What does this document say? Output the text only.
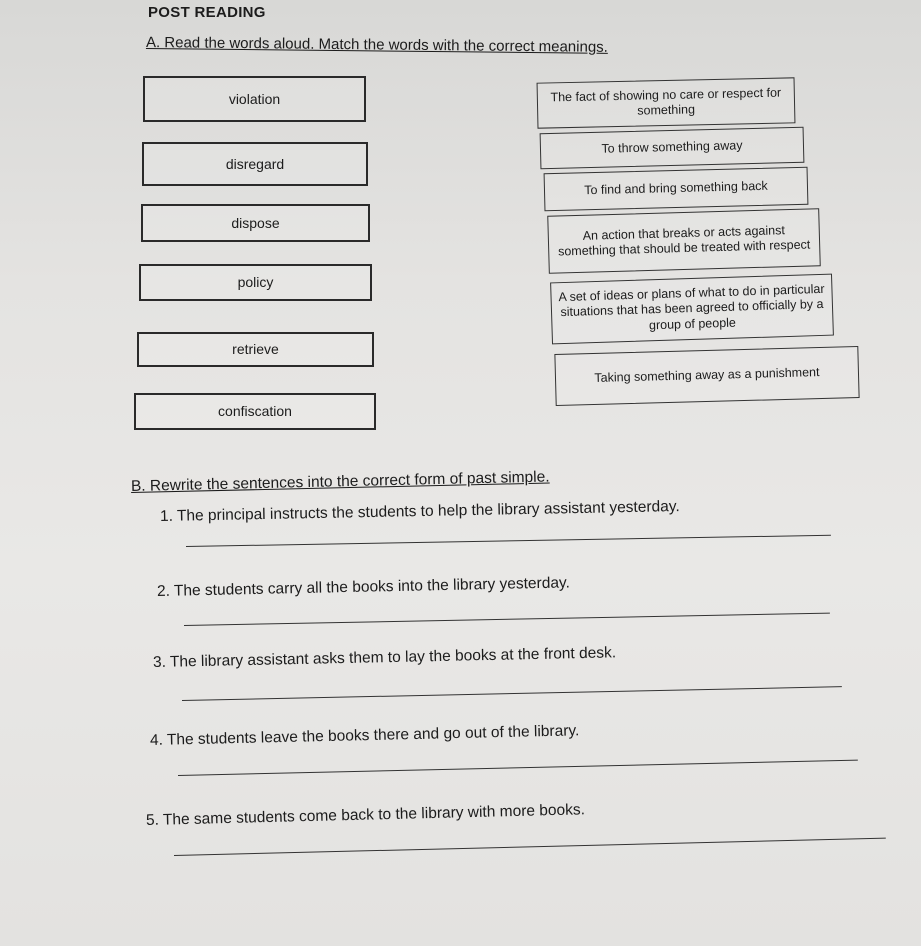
POST READING
A. Read the words aloud. Match the words with the correct meanings.
violation
disregard
dispose
policy
retrieve
confiscation
The fact of showing no care or respect for something
To throw something away
To find and bring something back
An action that breaks or acts against something that should be treated with respect
A set of ideas or plans of what to do in particular situations that has been agreed to officially by a group of people
Taking something away as a punishment
B. Rewrite the sentences into the correct form of past simple.
1. The principal instructs the students to help the library assistant yesterday.
2. The students carry all the books into the library yesterday.
3. The library assistant asks them to lay the books at the front desk.
4. The students leave the books there and go out of the library.
5. The same students come back to the library with more books.
